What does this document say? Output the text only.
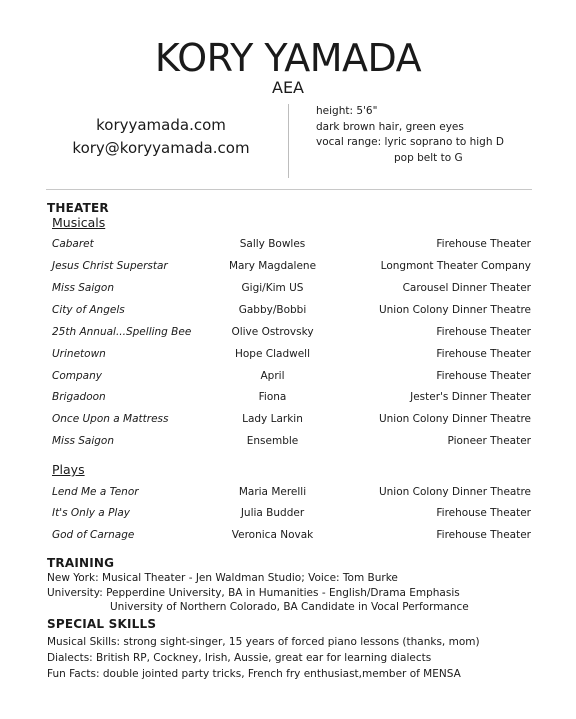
KORY YAMADA
AEA
koryyamada.com
kory@koryyamada.com
height: 5'6"
dark brown hair, green eyes
vocal range: lyric soprano to high D
pop belt to G
THEATER
Musicals
Cabaret	Sally Bowles	Firehouse Theater
Jesus Christ Superstar	Mary Magdalene	Longmont Theater Company
Miss Saigon	Gigi/Kim US	Carousel Dinner Theater
City of Angels	Gabby/Bobbi	Union Colony Dinner Theatre
25th Annual...Spelling Bee	Olive Ostrovsky	Firehouse Theater
Urinetown	Hope Cladwell	Firehouse Theater
Company	April	Firehouse Theater
Brigadoon	Fiona	Jester's Dinner Theater
Once Upon a Mattress	Lady Larkin	Union Colony Dinner Theatre
Miss Saigon	Ensemble	Pioneer Theater
Plays
Lend Me a Tenor	Maria Merelli	Union Colony Dinner Theatre
It's Only a Play	Julia Budder	Firehouse Theater
God of Carnage	Veronica Novak	Firehouse Theater
TRAINING
New York: Musical Theater - Jen Waldman Studio; Voice: Tom Burke
University: Pepperdine University, BA in Humanities - English/Drama Emphasis
University of Northern Colorado, BA Candidate in Vocal Performance
SPECIAL SKILLS
Musical Skills: strong sight-singer, 15 years of forced piano lessons (thanks, mom)
Dialects: British RP, Cockney, Irish, Aussie, great ear for learning dialects
Fun Facts: double jointed party tricks, French fry enthusiast,member of MENSA
